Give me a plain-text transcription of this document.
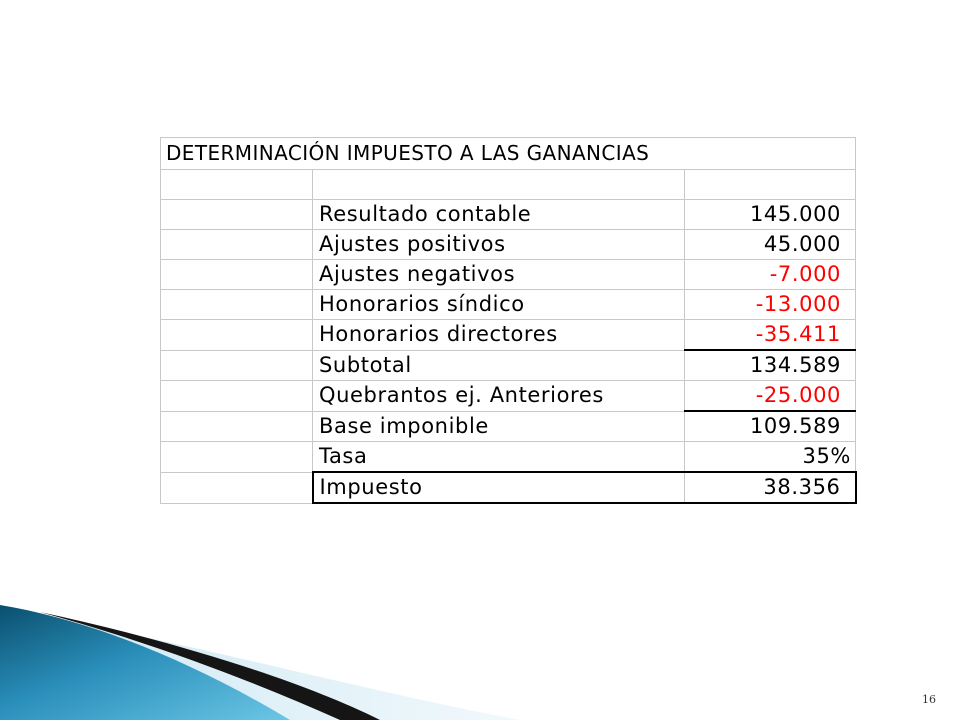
DETERMINACIÓN IMPUESTO A LAS GANANCIAS		

	Resultado contable	145.000
	Ajustes positivos	45.000
	Ajustes negativos	-7.000
	Honorarios síndico	-13.000
	Honorarios directores	-35.411
	Subtotal	134.589
	Quebrantos ej. Anteriores	-25.000
	Base imponible	109.589
	Tasa	35%
	Impuesto	38.356
16
